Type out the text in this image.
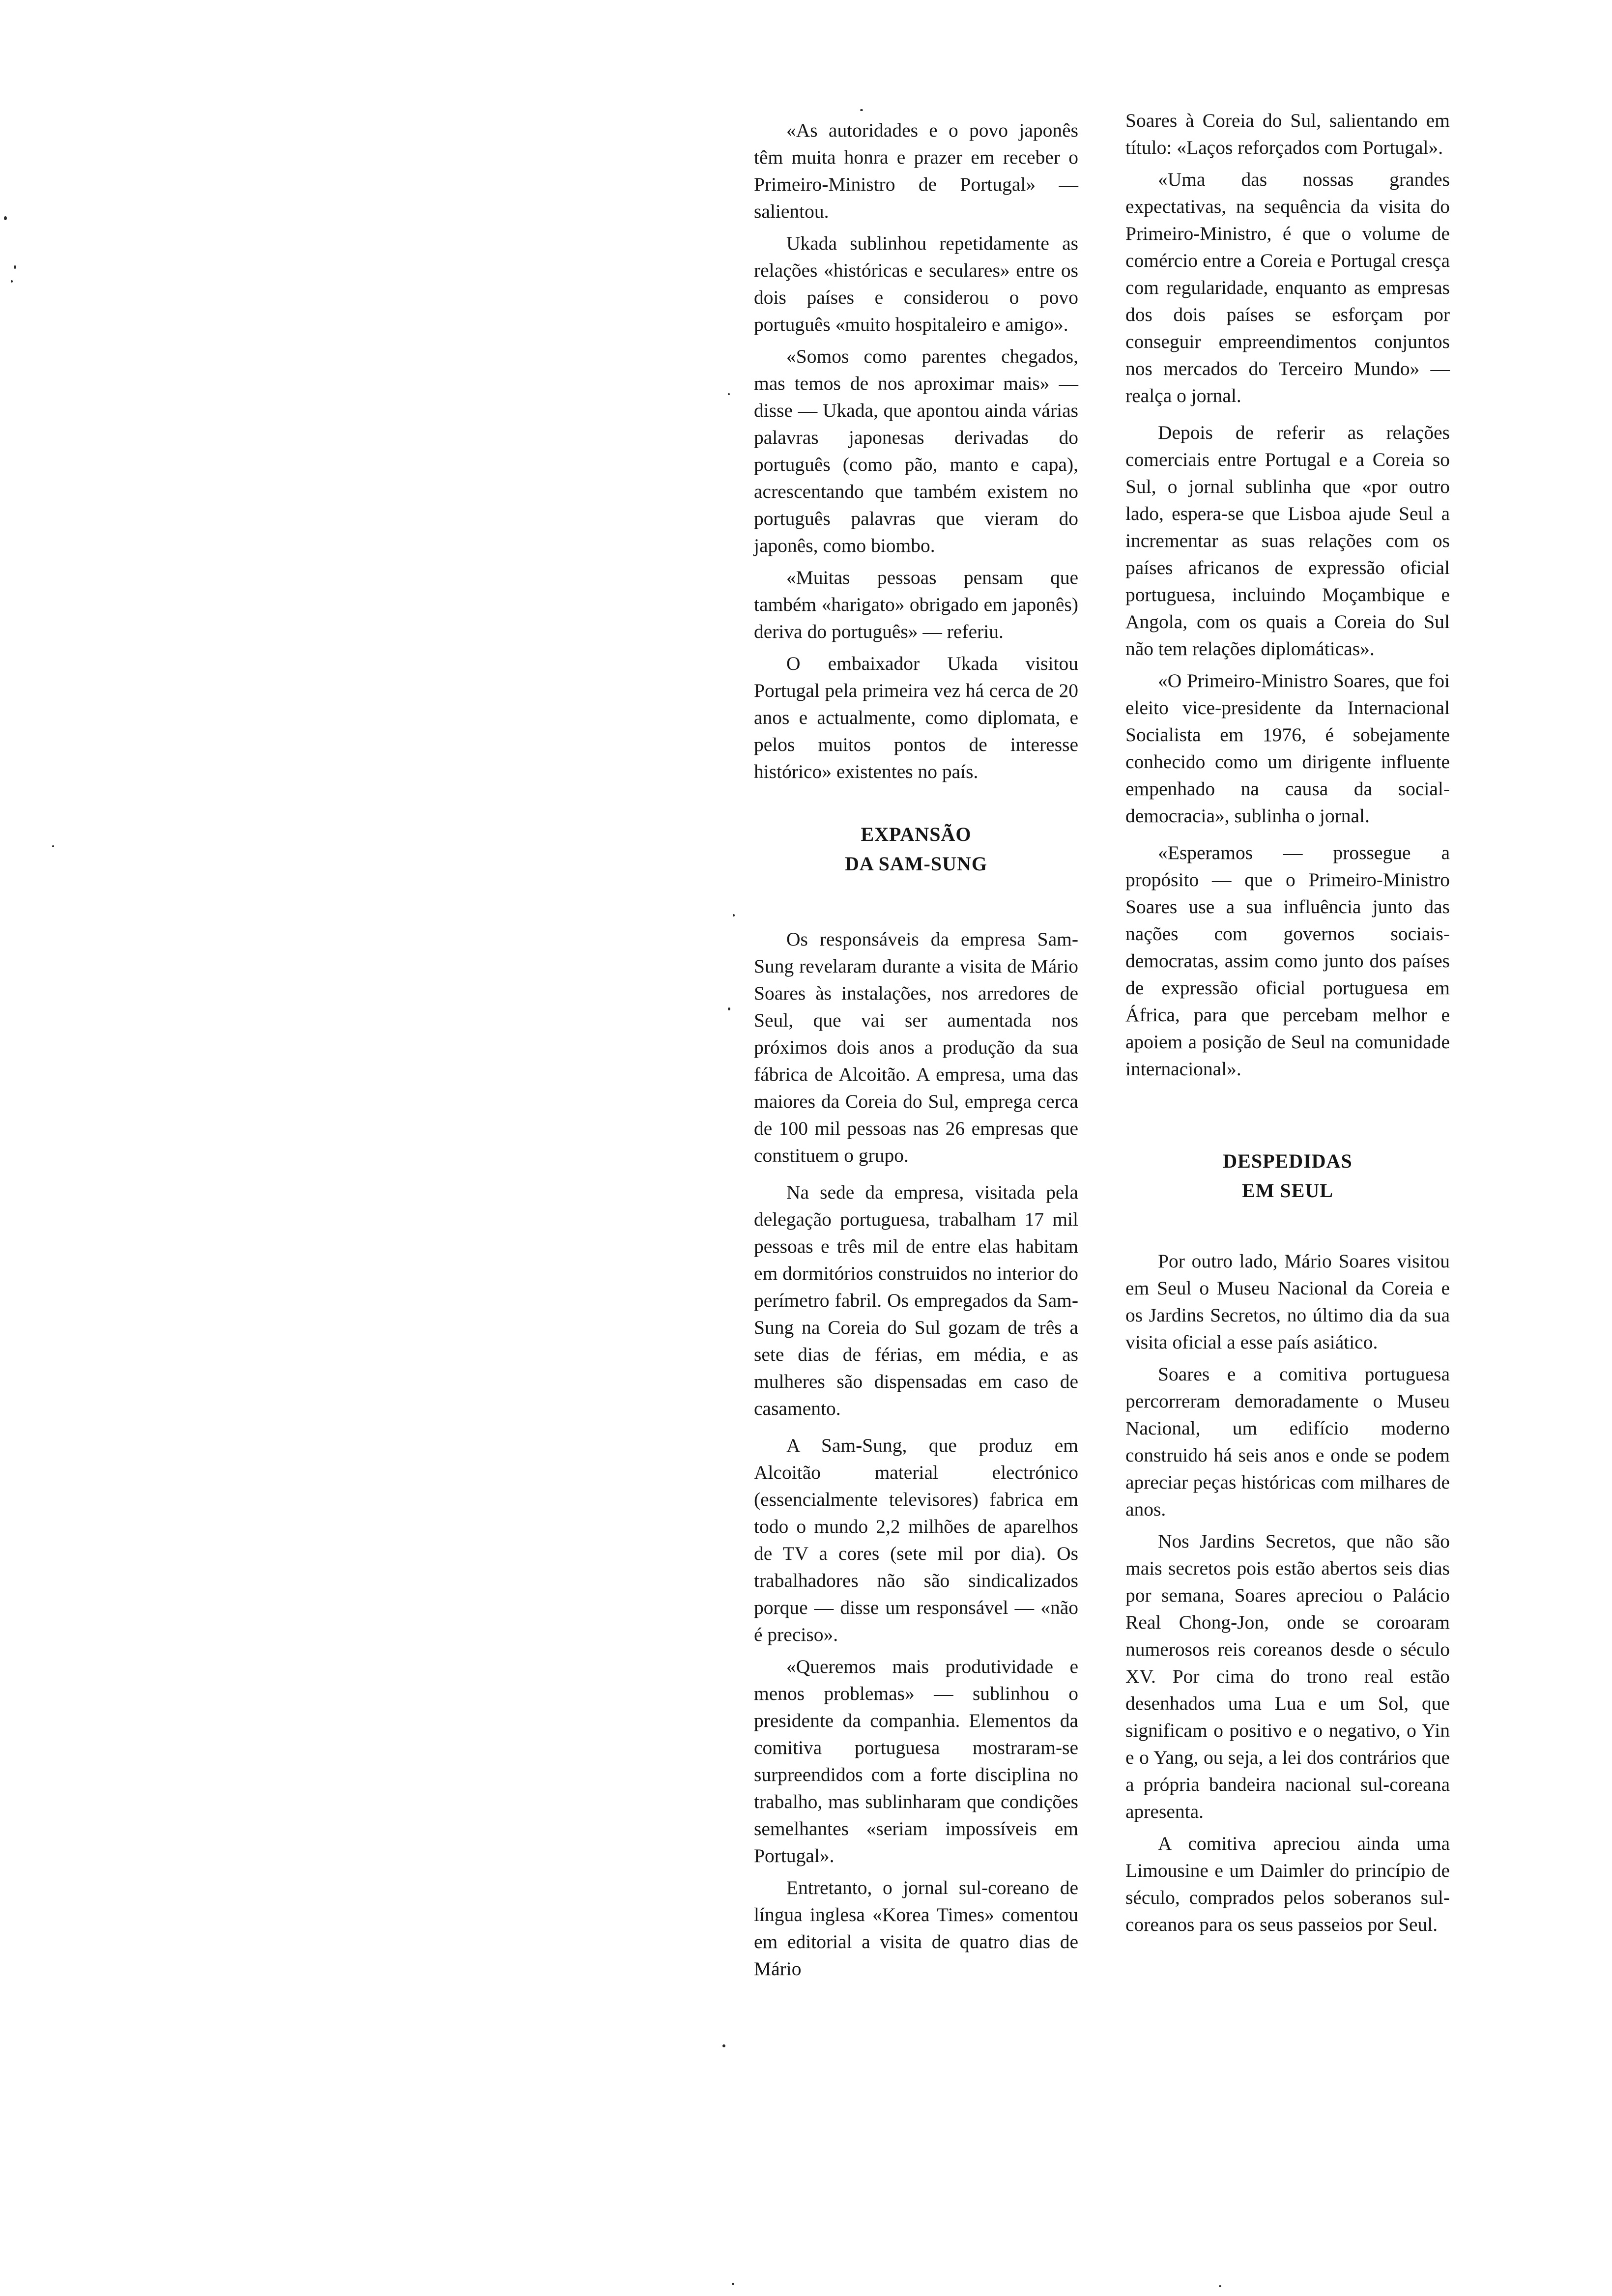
«As autoridades e o povo japonês têm muita honra e prazer em receber o Primeiro-Ministro de Portugal» — salientou.

Ukada sublinhou repetidamente as relações «históricas e seculares» entre os dois países e considerou o povo português «muito hospitaleiro e amigo».

«Somos como parentes chegados, mas temos de nos aproximar mais» — disse — Ukada, que apontou ainda várias palavras japonesas derivadas do português (como pão, manto e capa), acrescentando que também existem no português palavras que vieram do japonês, como biombo.

«Muitas pessoas pensam que também «harigato» obrigado em japonês) deriva do português» — referiu.

O embaixador Ukada visitou Portugal pela primeira vez há cerca de 20 anos e actualmente, como diplomata, e pelos muitos pontos de interesse histórico» existentes no país.

EXPANSÃO
DA SAM-SUNG

Os responsáveis da empresa Sam-Sung revelaram durante a visita de Mário Soares às instalações, nos arredores de Seul, que vai ser aumentada nos próximos dois anos a produção da sua fábrica de Alcoitão. A empresa, uma das maiores da Coreia do Sul, emprega cerca de 100 mil pessoas nas 26 empresas que constituem o grupo.

Na sede da empresa, visitada pela delegação portuguesa, trabalham 17 mil pessoas e três mil de entre elas habitam em dormitórios construidos no interior do perímetro fabril. Os empregados da Sam-Sung na Coreia do Sul gozam de três a sete dias de férias, em média, e as mulheres são dispensadas em caso de casamento.

A Sam-Sung, que produz em Alcoitão material electrónico (essencialmente televisores) fabrica em todo o mundo 2,2 milhões de aparelhos de TV a cores (sete mil por dia). Os trabalhadores não são sindicalizados porque — disse um responsável — «não é preciso».

«Queremos mais produtividade e menos problemas» — sublinhou o presidente da companhia. Elementos da comitiva portuguesa mostraram-se surpreendidos com a forte disciplina no trabalho, mas sublinharam que condições semelhantes «seriam impossíveis em Portugal».

Entretanto, o jornal sul-coreano de língua inglesa «Korea Times» comentou em editorial a visita de quatro dias de Mário

Soares à Coreia do Sul, salientando em título: «Laços reforçados com Portugal».

«Uma das nossas grandes expectativas, na sequência da visita do Primeiro-Ministro, é que o volume de comércio entre a Coreia e Portugal cresça com regularidade, enquanto as empresas dos dois países se esforçam por conseguir empreendimentos conjuntos nos mercados do Terceiro Mundo» — realça o jornal.

Depois de referir as relações comerciais entre Portugal e a Coreia so Sul, o jornal sublinha que «por outro lado, espera-se que Lisboa ajude Seul a incrementar as suas relações com os países africanos de expressão oficial portuguesa, incluindo Moçambique e Angola, com os quais a Coreia do Sul não tem relações diplomáticas».

«O Primeiro-Ministro Soares, que foi eleito vice-presidente da Internacional Socialista em 1976, é sobejamente conhecido como um dirigente influente empenhado na causa da social-democracia», sublinha o jornal.

«Esperamos — prossegue a propósito — que o Primeiro-Ministro Soares use a sua influência junto das nações com governos sociais-democratas, assim como junto dos países de expressão oficial portuguesa em África, para que percebam melhor e apoiem a posição de Seul na comunidade internacional».

DESPEDIDAS
EM SEUL

Por outro lado, Mário Soares visitou em Seul o Museu Nacional da Coreia e os Jardins Secretos, no último dia da sua visita oficial a esse país asiático.

Soares e a comitiva portuguesa percorreram demoradamente o Museu Nacional, um edifício moderno construido há seis anos e onde se podem apreciar peças históricas com milhares de anos.

Nos Jardins Secretos, que não são mais secretos pois estão abertos seis dias por semana, Soares apreciou o Palácio Real Chong-Jon, onde se coroaram numerosos reis coreanos desde o século XV. Por cima do trono real estão desenhados uma Lua e um Sol, que significam o positivo e o negativo, o Yin e o Yang, ou seja, a lei dos contrários que a própria bandeira nacional sul-coreana apresenta.

A comitiva apreciou ainda uma Limousine e um Daimler do princípio de século, comprados pelos soberanos sul-coreanos para os seus passeios por Seul.
